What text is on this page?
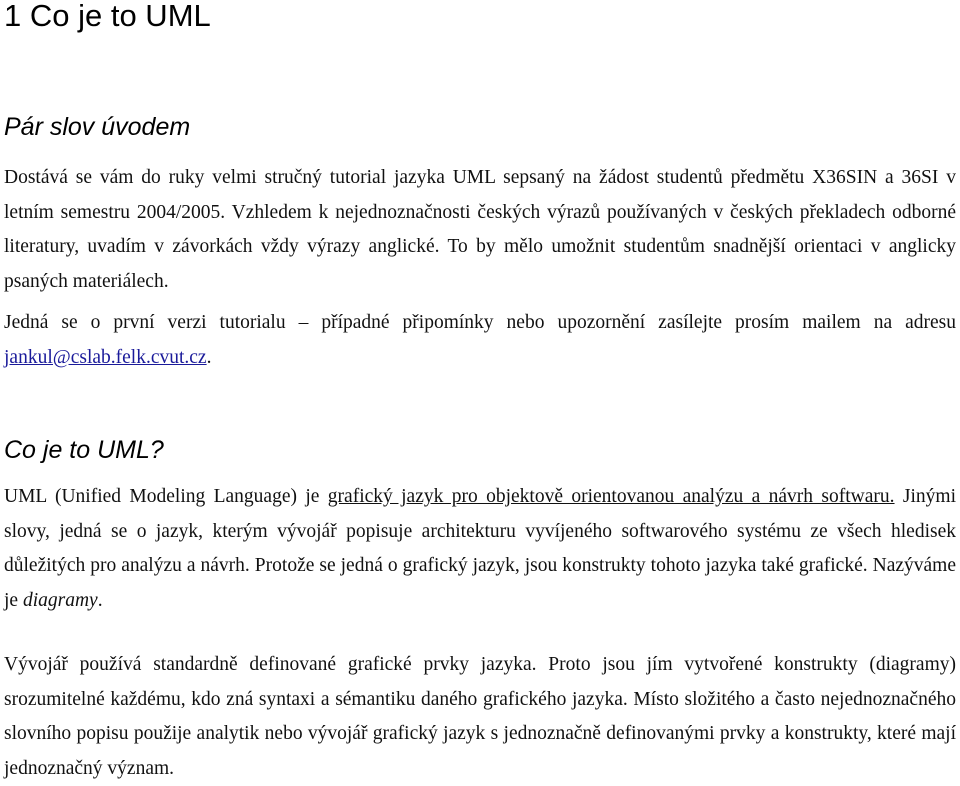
1 Co je to UML
Pár slov úvodem

Dostává se vám do ruky velmi stručný tutorial jazyka UML sepsaný na žádost studentů předmětu X36SIN a 36SI v letním semestru 2004/2005. Vzhledem k nejednoznačnosti českých výrazů používaných v českých překladech odborné literatury, uvadím v závorkách vždy výrazy anglické. To by mělo umožnit studentům snadnější orientaci v anglicky psaných materiálech.

Jedná se o první verzi tutorialu – případné připomínky nebo upozornění zasílejte prosím mailem na adresu jankul@cslab.felk.cvut.cz.

Co je to UML?

UML (Unified Modeling Language) je grafický jazyk pro objektově orientovanou analýzu a návrh softwaru. Jinými slovy, jedná se o jazyk, kterým vývojář popisuje architekturu vyvíjeného softwarového systému ze všech hledisek důležitých pro analýzu a návrh. Protože se jedná o grafický jazyk, jsou konstrukty tohoto jazyka také grafické. Nazýváme je diagramy.

Vývojář používá standardně definované grafické prvky jazyka. Proto jsou jím vytvořené konstrukty (diagramy) srozumitelné každému, kdo zná syntaxi a sémantiku daného grafického jazyka. Místo složitého a často nejednoznačného slovního popisu použije analytik nebo vývojář grafický jazyk s jednoznačně definovanými prvky a konstrukty, které mají jednoznačný význam.
